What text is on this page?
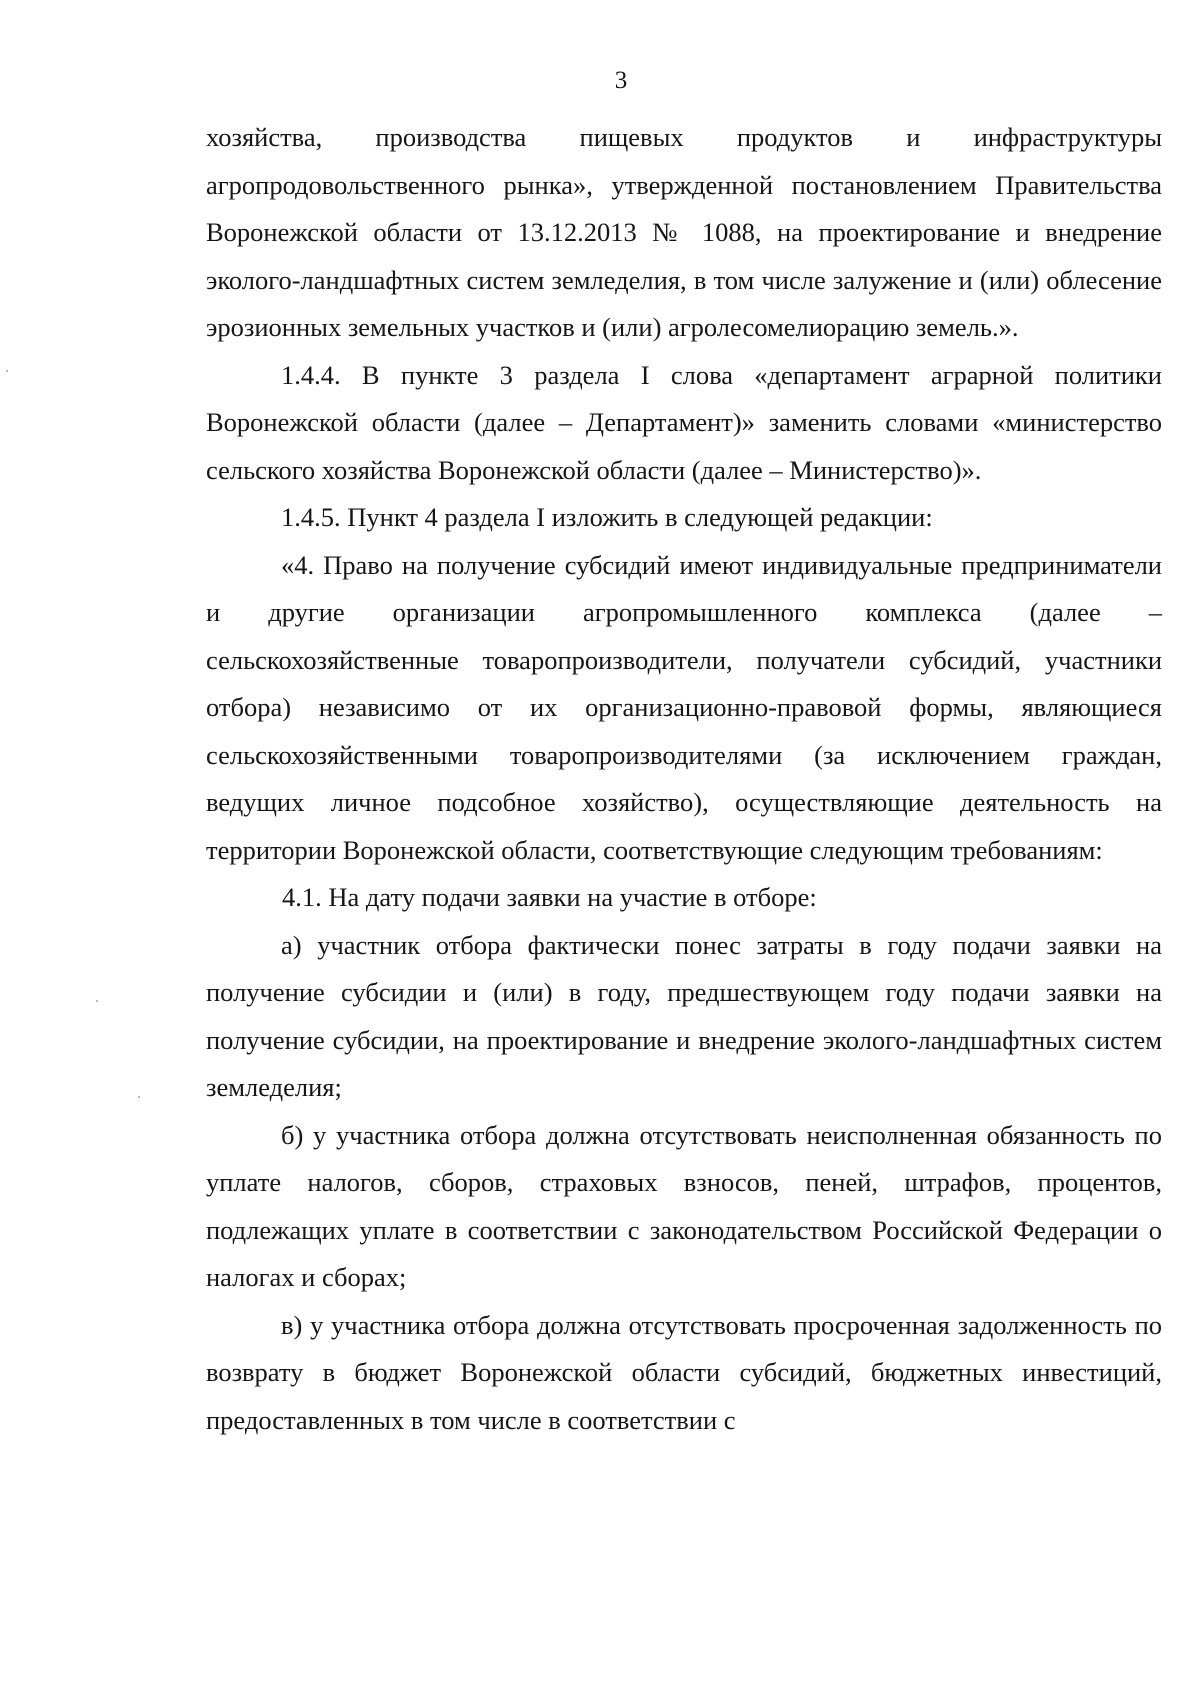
3

хозяйства, производства пищевых продуктов и инфраструктуры агропродовольственного рынка», утвержденной постановлением Правительства Воронежской области от 13.12.2013 № 1088, на проектирование и внедрение эколого-ландшафтных систем земледелия, в том числе залужение и (или) облесение эрозионных земельных участков и (или) агролесомелиорацию земель.».

1.4.4. В пункте 3 раздела I слова «департамент аграрной политики Воронежской области (далее – Департамент)» заменить словами «министерство сельского хозяйства Воронежской области (далее – Министерство)».

1.4.5. Пункт 4 раздела I изложить в следующей редакции:

«4. Право на получение субсидий имеют индивидуальные предприниматели и другие организации агропромышленного комплекса (далее – сельскохозяйственные товаропроизводители, получатели субсидий, участники отбора) независимо от их организационно-правовой формы, являющиеся сельскохозяйственными товаропроизводителями (за исключением граждан, ведущих личное подсобное хозяйство), осуществляющие деятельность на территории Воронежской области, соответствующие следующим требованиям:

4.1. На дату подачи заявки на участие в отборе:

а) участник отбора фактически понес затраты в году подачи заявки на получение субсидии и (или) в году, предшествующем году подачи заявки на получение субсидии, на проектирование и внедрение эколого-ландшафтных систем земледелия;

б) у участника отбора должна отсутствовать неисполненная обязанность по уплате налогов, сборов, страховых взносов, пеней, штрафов, процентов, подлежащих уплате в соответствии с законодательством Российской Федерации о налогах и сборах;

в) у участника отбора должна отсутствовать просроченная задолженность по возврату в бюджет Воронежской области субсидий, бюджетных инвестиций, предоставленных в том числе в соответствии с
